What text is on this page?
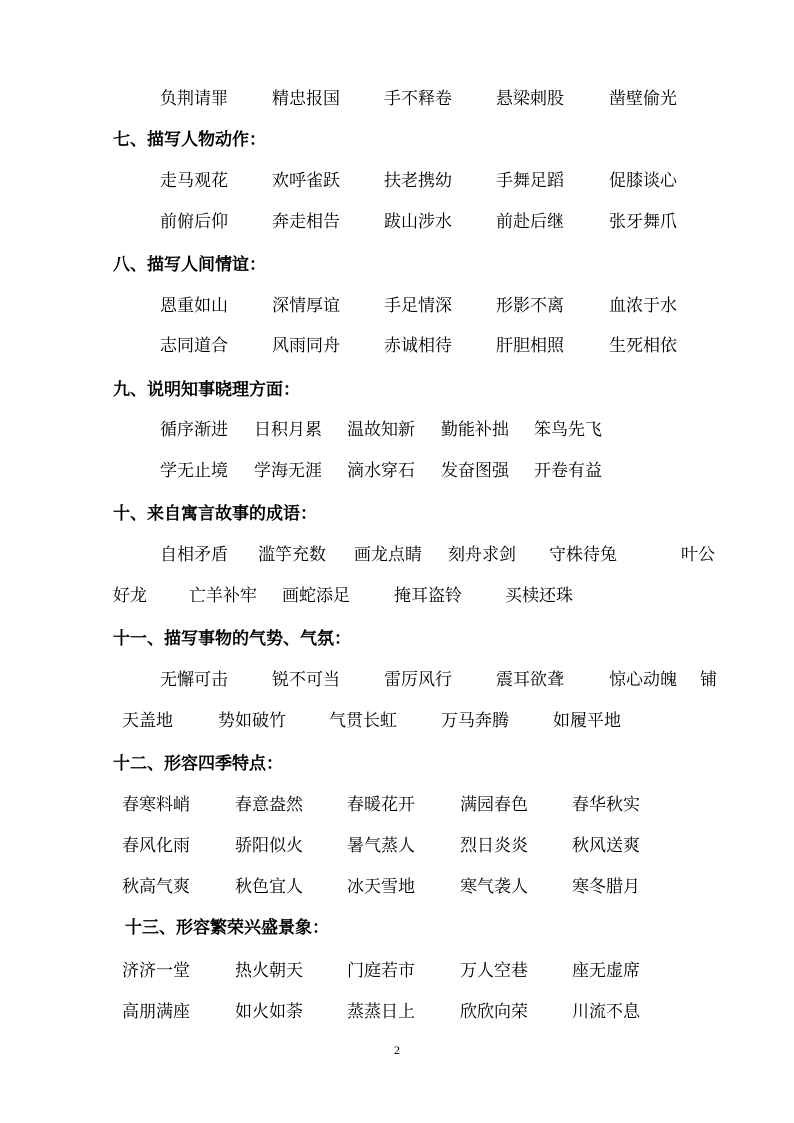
负荆请罪	精忠报国	手不释卷	悬梁刺股	凿壁偷光
七、描写人物动作：
走马观花	欢呼雀跃	扶老携幼	手舞足蹈	促膝谈心
前俯后仰	奔走相告	跋山涉水	前赴后继	张牙舞爪
八、描写人间情谊：
恩重如山	深情厚谊	手足情深	形影不离	血浓于水
志同道合	风雨同舟	赤诚相待	肝胆相照	生死相依
九、说明知事晓理方面：
循序渐进 日积月累 温故知新 勤能补拙 笨鸟先飞
学无止境 学海无涯 滴水穿石 发奋图强 开卷有益
十、来自寓言故事的成语：
自相矛盾 滥竽充数 画龙点睛 刻舟求剑 守株待兔	叶公
好龙 亡羊补牢 画蛇添足	掩耳盗铃	买椟还珠
十一、描写事物的气势、气氛：
无懈可击	锐不可当	雷厉风行	震耳欲聋	惊心动魄 铺
天盖地	势如破竹	气贯长虹	万马奔腾	如履平地
十二、形容四季特点：
春寒料峭	春意盎然	春暖花开	满园春色	春华秋实
春风化雨	骄阳似火	暑气蒸人	烈日炎炎	秋风送爽
秋高气爽	秋色宜人	冰天雪地	寒气袭人	寒冬腊月
十三、形容繁荣兴盛景象：
济济一堂	热火朝天	门庭若市	万人空巷	座无虚席
高朋满座	如火如荼	蒸蒸日上	欣欣向荣	川流不息
2
